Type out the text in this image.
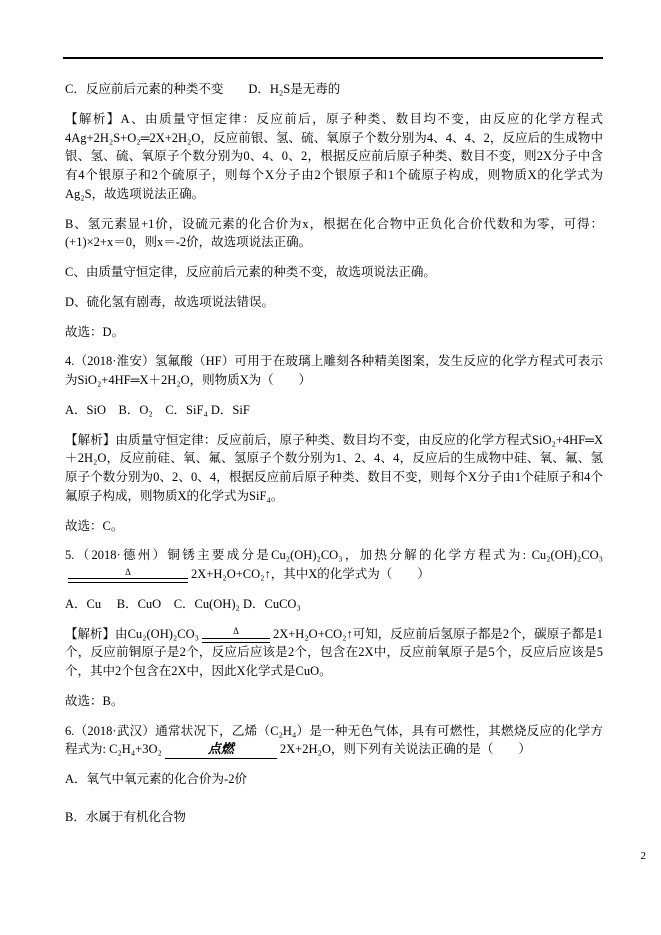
C．反应前后元素的种类不变　　D．H₂S是无毒的

【解析】A、由质量守恒定律：反应前后，原子种类、数目均不变，由反应的化学方程式4Ag+2H₂S+O₂═2X+2H₂O，反应前银、氢、硫、氧原子个数分别为4、4、4、2，反应后的生成物中银、氢、硫、氧原子个数分别为0、4、0、2，根据反应前后原子种类、数目不变，则2X分子中含有4个银原子和2个硫原子，则每个X分子由2个银原子和1个硫原子构成，则物质X的化学式为Ag₂S，故选项说法正确。

B、氢元素显+1价，设硫元素的化合价为x，根据在化合物中正负化合价代数和为零，可得：(+1)×2+x＝0，则x＝-2价，故选项说法正确。

C、由质量守恒定律，反应前后元素的种类不变，故选项说法正确。

D、硫化氢有剧毒，故选项说法错误。

故选：D。

4.（2018·淮安）氢氟酸（HF）可用于在玻璃上雕刻各种精美图案，发生反应的化学方程式可表示为SiO₂+4HF═X＋2H₂O，则物质X为（　　）

A．SiO　B．O₂　C．SiF₄ D．SiF

【解析】由质量守恒定律：反应前后，原子种类、数目均不变，由反应的化学方程式SiO₂+4HF═X＋2H₂O，反应前硅、氧、氟、氢原子个数分别为1、2、4、4，反应后的生成物中硅、氧、氟、氢原子个数分别为0、2、0、4，根据反应前后原子种类、数目不变，则每个X分子由1个硅原子和4个氟原子构成，则物质X的化学式为SiF₄。

故选：C。

5.（2018·德州）铜锈主要成分是Cu₂(OH)₂CO₃，加热分解的化学方程式为: Cu₂(OH)₂CO₃
Δ	2X+H₂O+CO₂↑，其中X的化学式为（　　）

A．Cu　 B．CuO　C．Cu(OH)₂ D．CuCO₃

【解析】由Cu₂(OH)₂CO₃	Δ	2X+H₂O+CO₂↑可知，反应前后氢原子都是2个，碳原子都是1个，反应前铜原子是2个，反应后应该是2个，包含在2X中，反应前氧原子是5个，反应后应该是5个，其中2个包含在2X中，因此X化学式是CuO。

故选：B。

6.（2018·武汉）通常状况下，乙烯（C₂H₄）是一种无色气体，具有可燃性，其燃烧反应的化学方程式为: C₂H₄+3O₂	点燃	2X+2H₂O，则下列有关说法正确的是（　　）

A．氧气中氧元素的化合价为-2价

B．水属于有机化合物

2
